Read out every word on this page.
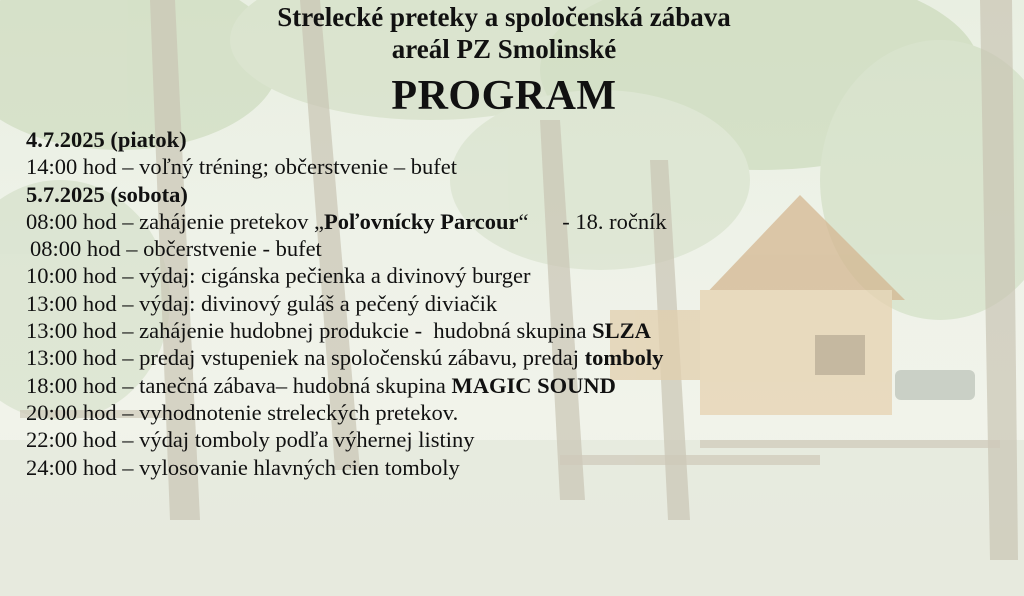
Strelecké preteky a spoločenská zábava
areál PZ Smolinské
PROGRAM
4.7.2025 (piatok)
14:00 hod – voľný tréning; občerstvenie – bufet
5.7.2025 (sobota)
08:00 hod – zahájenie pretekov „Poľovnícky Parcour“      - 18. ročník
08:00 hod – občerstvenie - bufet
10:00 hod – výdaj: cigánska pečienka a divinový burger
13:00 hod – výdaj: divinový guláš a pečený diviačik
13:00 hod – zahájenie hudobnej produkcie -  hudobná skupina SLZA
13:00 hod – predaj vstupeniek na spoločenskú zábavu, predaj tomboly
18:00 hod – tanečná zábava– hudobná skupina MAGIC SOUND
20:00 hod – vyhodnotenie streleckých pretekov.
22:00 hod – výdaj tomboly podľa výhernej listiny
24:00 hod – vylosovanie hlavných cien tomboly
